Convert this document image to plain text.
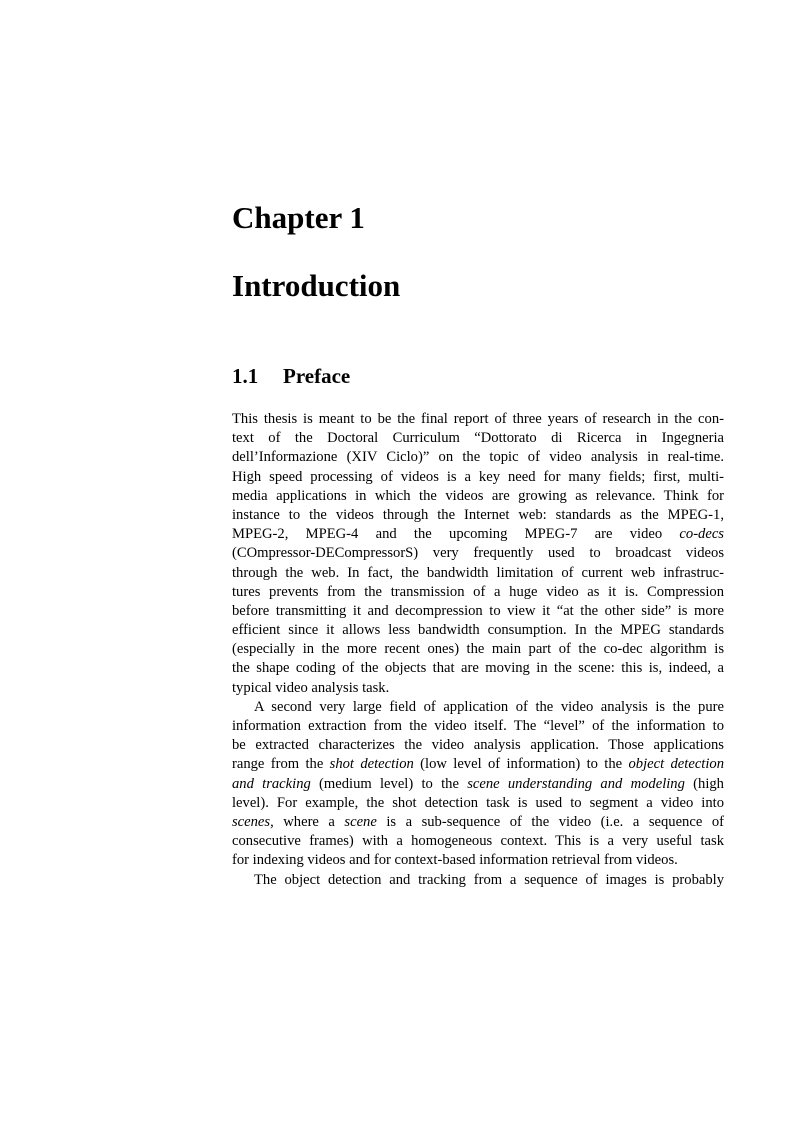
Chapter 1
Introduction
1.1 Preface
This thesis is meant to be the final report of three years of research in the con-
text of the Doctoral Curriculum “Dottorato di Ricerca in Ingegneria
dell’Informazione (XIV Ciclo)” on the topic of video analysis in real-time.
High speed processing of videos is a key need for many fields; first, multi-
media applications in which the videos are growing as relevance. Think for
instance to the videos through the Internet web: standards as the MPEG-1,
MPEG-2, MPEG-4 and the upcoming MPEG-7 are video co-decs
(COmpressor-DECompressorS) very frequently used to broadcast videos
through the web. In fact, the bandwidth limitation of current web infrastruc-
tures prevents from the transmission of a huge video as it is. Compression
before transmitting it and decompression to view it “at the other side” is more
efficient since it allows less bandwidth consumption. In the MPEG standards
(especially in the more recent ones) the main part of the co-dec algorithm is
the shape coding of the objects that are moving in the scene: this is, indeed, a
typical video analysis task.
A second very large field of application of the video analysis is the pure
information extraction from the video itself. The “level” of the information to
be extracted characterizes the video analysis application. Those applications
range from the shot detection (low level of information) to the object detection
and tracking (medium level) to the scene understanding and modeling (high
level). For example, the shot detection task is used to segment a video into
scenes, where a scene is a sub-sequence of the video (i.e. a sequence of
consecutive frames) with a homogeneous context. This is a very useful task
for indexing videos and for context-based information retrieval from videos.
The object detection and tracking from a sequence of images is probably
